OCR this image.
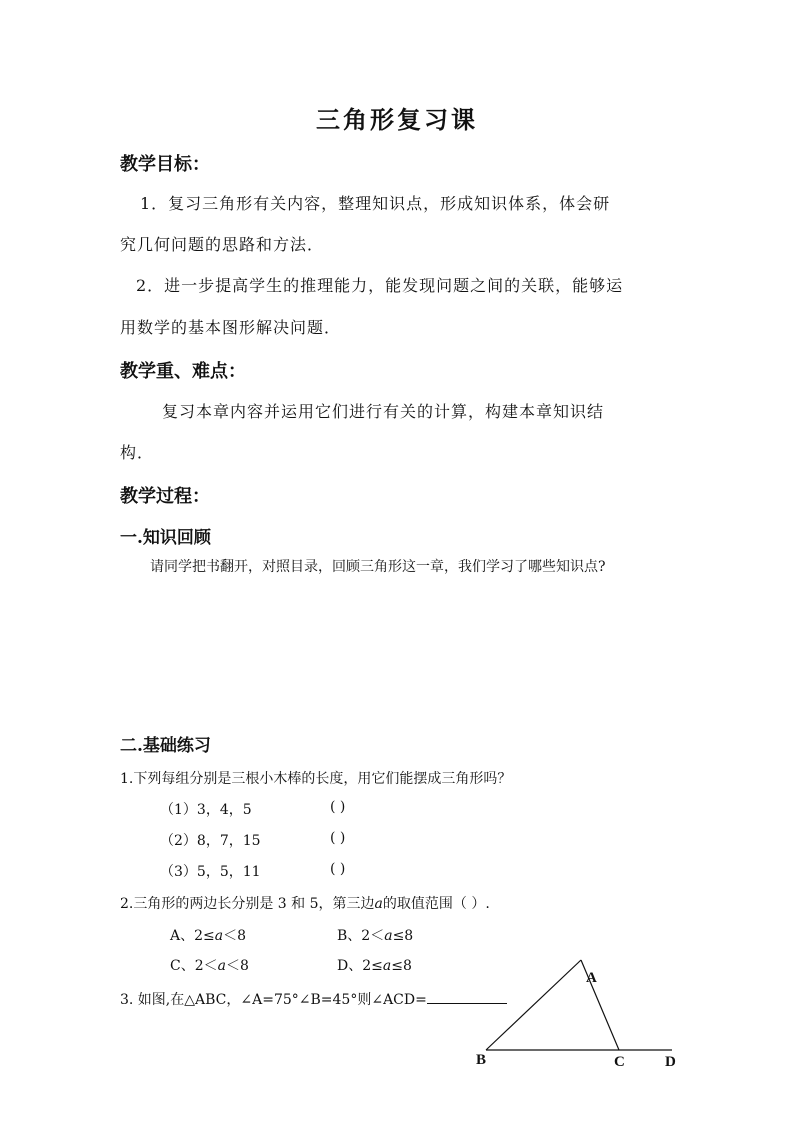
三角形复习课
教学目标：
1．复习三角形有关内容，整理知识点，形成知识体系，体会研
究几何问题的思路和方法．
2．进一步提高学生的推理能力，能发现问题之间的关联，能够运
用数学的基本图形解决问题．
教学重、难点：
复习本章内容并运用它们进行有关的计算，构建本章知识结
构．
教学过程：
一.知识回顾
请同学把书翻开，对照目录，回顾三角形这一章，我们学习了哪些知识点?
二.基础练习
1.下列每组分别是三根小木棒的长度，用它们能摆成三角形吗？
（1）3，4，5	( )
（2）8，7，15	( )
（3）5，5，11	( )
2.三角形的两边长分别是 3 和 5，第三边a的取值范围（ ）.
A、2≤a＜8	B、2＜a≤8
C、2＜a＜8	D、2≤a≤8
3. 如图,在△ABC，∠A=75°∠B=45°则∠ACD=
A
B	C	D
